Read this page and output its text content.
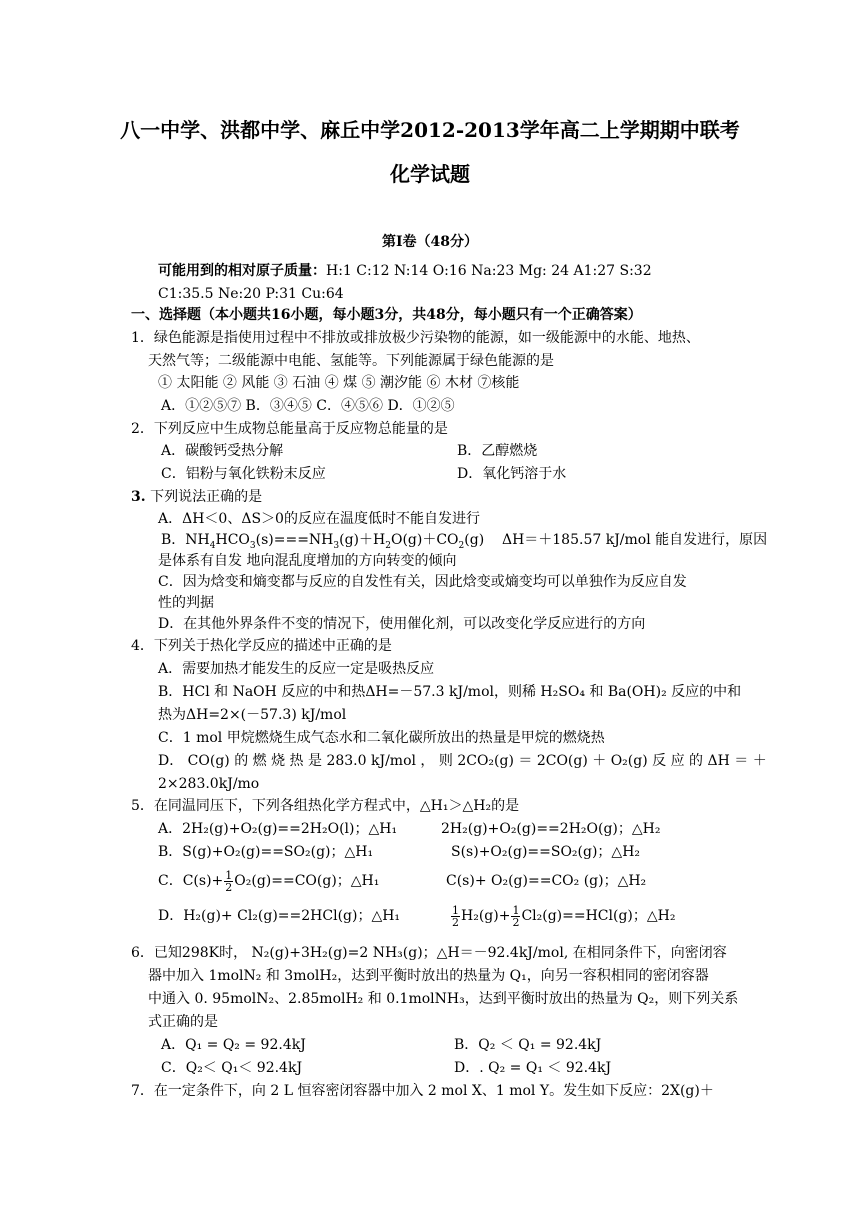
八一中学、洪都中学、麻丘中学2012-2013学年高二上学期期中联考
化学试题
第Ⅰ卷（48分）
可能用到的相对原子质量：H:1 C:12 N:14 O:16 Na:23 Mg: 24 A1:27 S:32
C1:35.5 Ne:20 P:31 Cu:64
一、选择题（本小题共16小题，每小题3分，共48分，每小题只有一个正确答案）
1．绿色能源是指使用过程中不排放或排放极少污染物的能源，如一级能源中的水能、地热、
天然气等；二级能源中电能、氢能等。下列能源属于绿色能源的是
① 太阳能 ② 风能 ③ 石油 ④ 煤 ⑤ 潮汐能 ⑥ 木材 ⑦核能
A．①②⑤⑦ B．③④⑤ C．④⑤⑥ D．①②⑤
2．下列反应中生成物总能量高于反应物总能量的是
A．碳酸钙受热分解	B．乙醇燃烧
C．铝粉与氧化铁粉末反应	D．氧化钙溶于水
3. 下列说法正确的是
A．ΔH＜0、ΔS＞0的反应在温度低时不能自发进行
B．$NH_4HCO_3(s)===NH_3(g)+H_2O(g)+CO_2(g)$    ΔH＝＋185.57 kJ/mol 能自发进行，原因
是体系有自发 地向混乱度增加的方向转变的倾向
C．因为焓变和熵变都与反应的自发性有关，因此焓变或熵变均可以单独作为反应自发
性的判据
D．在其他外界条件不变的情况下，使用催化剂，可以改变化学反应进行的方向
4．下列关于热化学反应的描述中正确的是
A．需要加热才能发生的反应一定是吸热反应
B．HCl 和 NaOH 反应的中和热ΔH=－57.3 kJ/mol，则稀 H₂SO₄ 和 Ba(OH)₂ 反应的中和
热为ΔH=2×(－57.3) kJ/mol
C．1 mol 甲烷燃烧生成气态水和二氧化碳所放出的热量是甲烷的燃烧热
D． CO(g) 的 燃 烧 热 是 283.0 kJ/mol ， 则 2CO₂(g) ＝ 2CO(g) ＋ O₂(g) 反 应 的 ΔH ＝ ＋
2×283.0kJ/mo
5．在同温同压下，下列各组热化学方程式中，△H₁＞△H₂的是
A．2H₂(g)+O₂(g)==2H₂O(l)；△H₁	2H₂(g)+O₂(g)==2H₂O(g)；△H₂
B．S(g)+O₂(g)==SO₂(g)；△H₁	S(s)+O₂(g)==SO₂(g)；△H₂
C．$C(s)+ \frac{1}{2} O_2(g)==CO(g)$；△H₁	C(s)+ O₂(g)==CO₂ (g)；△H₂
D．H₂(g)+ Cl₂(g)==2HCl(g)；△H₁	$\frac{1}{2} H_2(g)+ \frac{1}{2} Cl_2(g)==HCl(g)$；△H₂
6．已知298K时， N₂(g)+3H₂(g)=2 NH₃(g)；△H＝－92.4kJ/mol, 在相同条件下，向密闭容
器中加入 1molN₂ 和 3molH₂，达到平衡时放出的热量为 Q₁，向另一容积相同的密闭容器
中通入 0. 95molN₂、2.85molH₂ 和 0.1molNH₃，达到平衡时放出的热量为 Q₂，则下列关系
式正确的是
A．Q₁ = Q₂ = 92.4kJ	B．Q₂ ＜ Q₁ = 92.4kJ
C．Q₂＜ Q₁＜ 92.4kJ	D．. Q₂ = Q₁ ＜ 92.4kJ
7．在一定条件下，向 2 L 恒容密闭容器中加入 2 mol X、1 mol Y。发生如下反应：2X(g)＋
